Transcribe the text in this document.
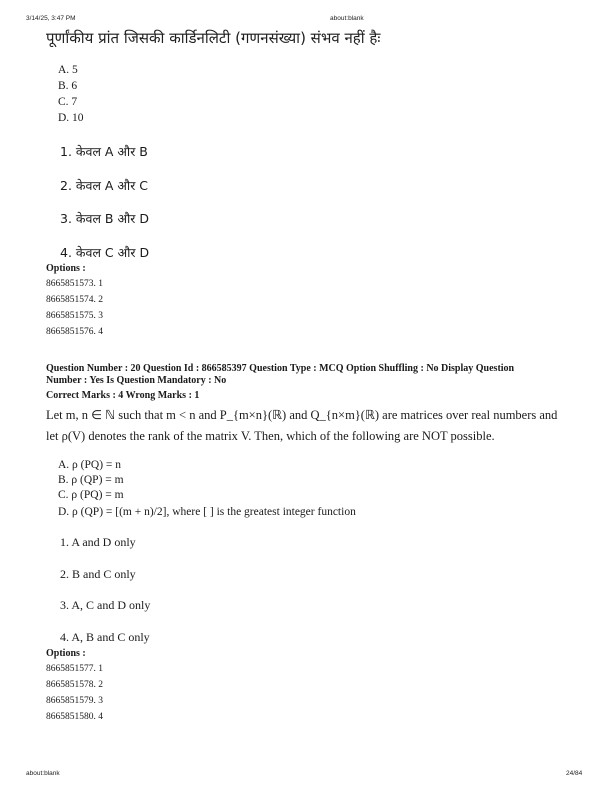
3/14/25, 3:47 PM	about:blank
पूर्णांकीय प्रांत जिसकी कार्डिनलिटी (गणनसंख्या) संभव नहीं हैः
A. 5
B. 6
C. 7
D. 10
1. केवल A और B
2. केवल A और C
3. केवल B और D
4. केवल C और D
Options :
8665851573. 1
8665851574. 2
8665851575. 3
8665851576. 4
Question Number : 20 Question Id : 866585397 Question Type : MCQ Option Shuffling : No Display Question
Number : Yes Is Question Mandatory : No
Correct Marks : 4 Wrong Marks : 1
Let m, n ∈ ℕ such that m < n and P_{m×n}(ℝ) and Q_{n×m}(ℝ) are matrices over real numbers and
let ρ(V) denotes the rank of the matrix V. Then, which of the following are NOT possible.
A. ρ (PQ) = n
B. ρ (QP) = m
C. ρ (PQ) = m
D. ρ (QP) = [(m + n)/2], where [ ] is the greatest integer function
1. A and D only
2. B and C only
3. A, C and D only
4. A, B and C only
Options :
8665851577. 1
8665851578. 2
8665851579. 3
8665851580. 4
about:blank	24/84
